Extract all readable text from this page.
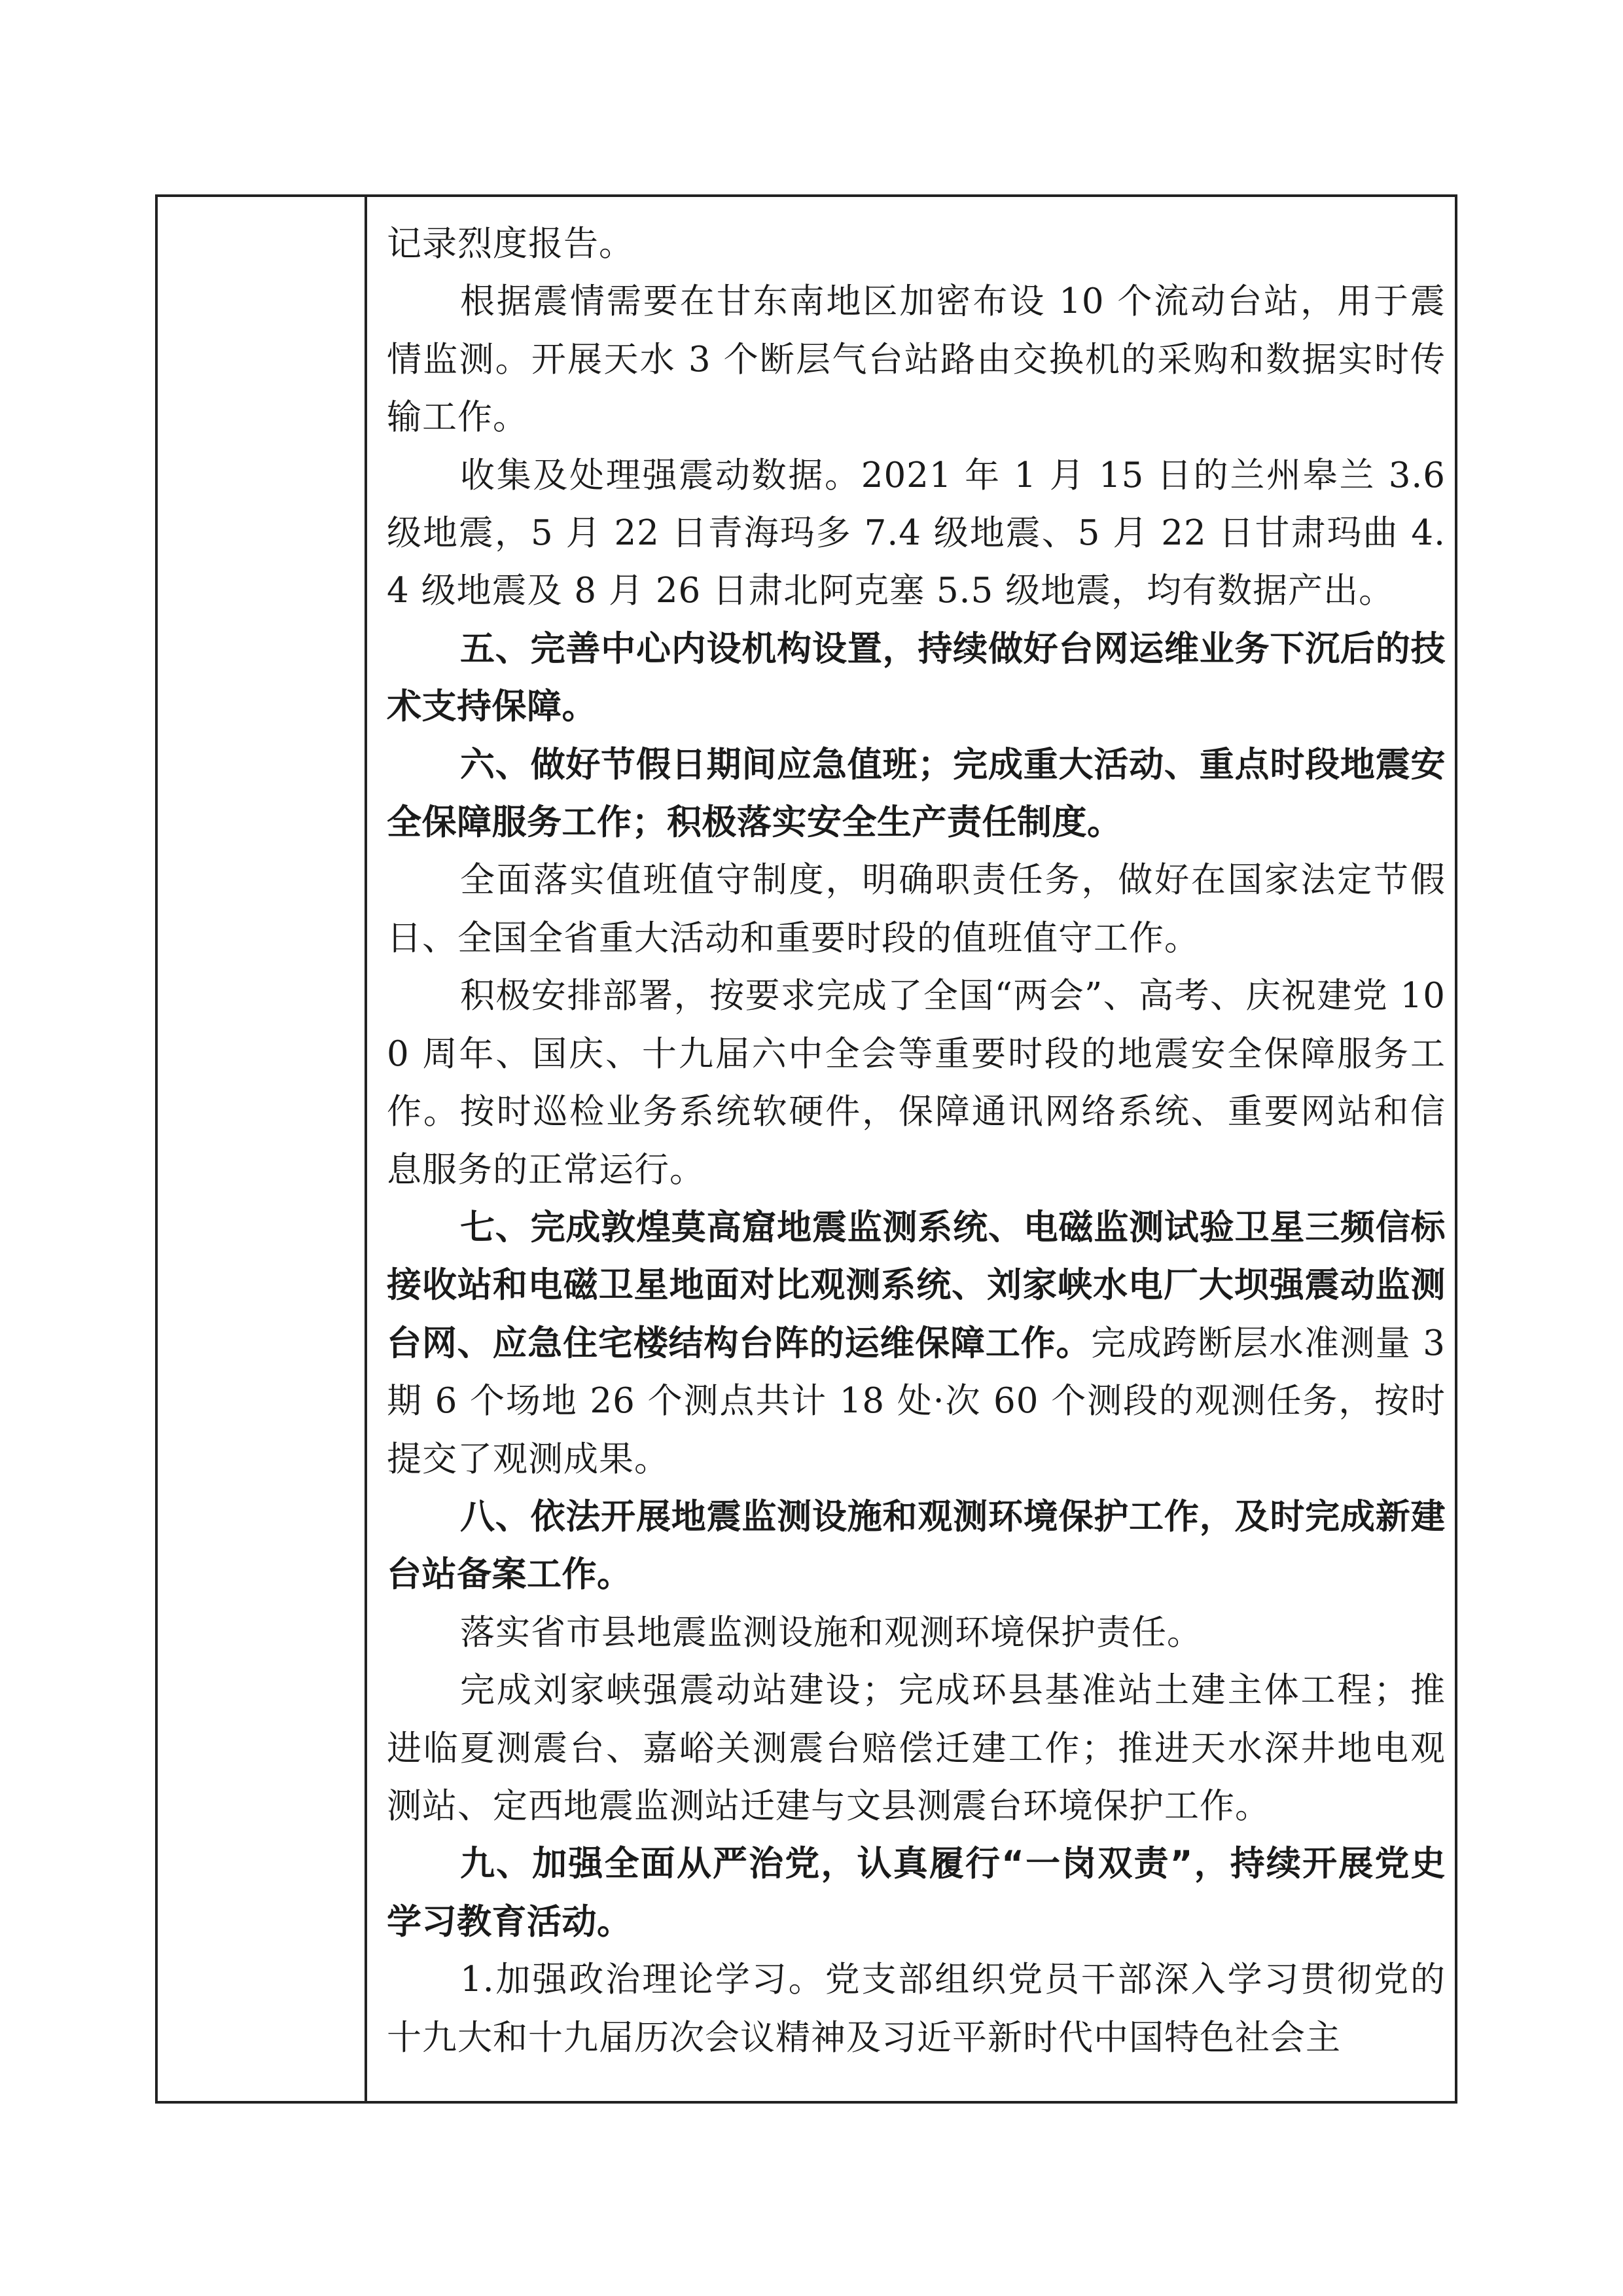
记录烈度报告。

根据震情需要在甘东南地区加密布设 10 个流动台站，用于震情监测。开展天水 3 个断层气台站路由交换机的采购和数据实时传输工作。

收集及处理强震动数据。2021 年 1 月 15 日的兰州皋兰 3.6 级地震，5 月 22 日青海玛多 7.4 级地震、5 月 22 日甘肃玛曲 4.4 级地震及 8 月 26 日肃北阿克塞 5.5 级地震，均有数据产出。

五、完善中心内设机构设置，持续做好台网运维业务下沉后的技术支持保障。

六、做好节假日期间应急值班；完成重大活动、重点时段地震安全保障服务工作；积极落实安全生产责任制度。

全面落实值班值守制度，明确职责任务，做好在国家法定节假日、全国全省重大活动和重要时段的值班值守工作。

积极安排部署，按要求完成了全国“两会”、高考、庆祝建党 100 周年、国庆、十九届六中全会等重要时段的地震安全保障服务工作。按时巡检业务系统软硬件，保障通讯网络系统、重要网站和信息服务的正常运行。

七、完成敦煌莫高窟地震监测系统、电磁监测试验卫星三频信标接收站和电磁卫星地面对比观测系统、刘家峡水电厂大坝强震动监测台网、应急住宅楼结构台阵的运维保障工作。完成跨断层水准测量 3 期 6 个场地 26 个测点共计 18 处·次 60 个测段的观测任务，按时提交了观测成果。

八、依法开展地震监测设施和观测环境保护工作，及时完成新建台站备案工作。

落实省市县地震监测设施和观测环境保护责任。

完成刘家峡强震动站建设；完成环县基准站土建主体工程；推进临夏测震台、嘉峪关测震台赔偿迁建工作；推进天水深井地电观测站、定西地震监测站迁建与文县测震台环境保护工作。

九、加强全面从严治党，认真履行“一岗双责”，持续开展党史学习教育活动。

1.加强政治理论学习。党支部组织党员干部深入学习贯彻党的十九大和十九届历次会议精神及习近平新时代中国特色社会主
